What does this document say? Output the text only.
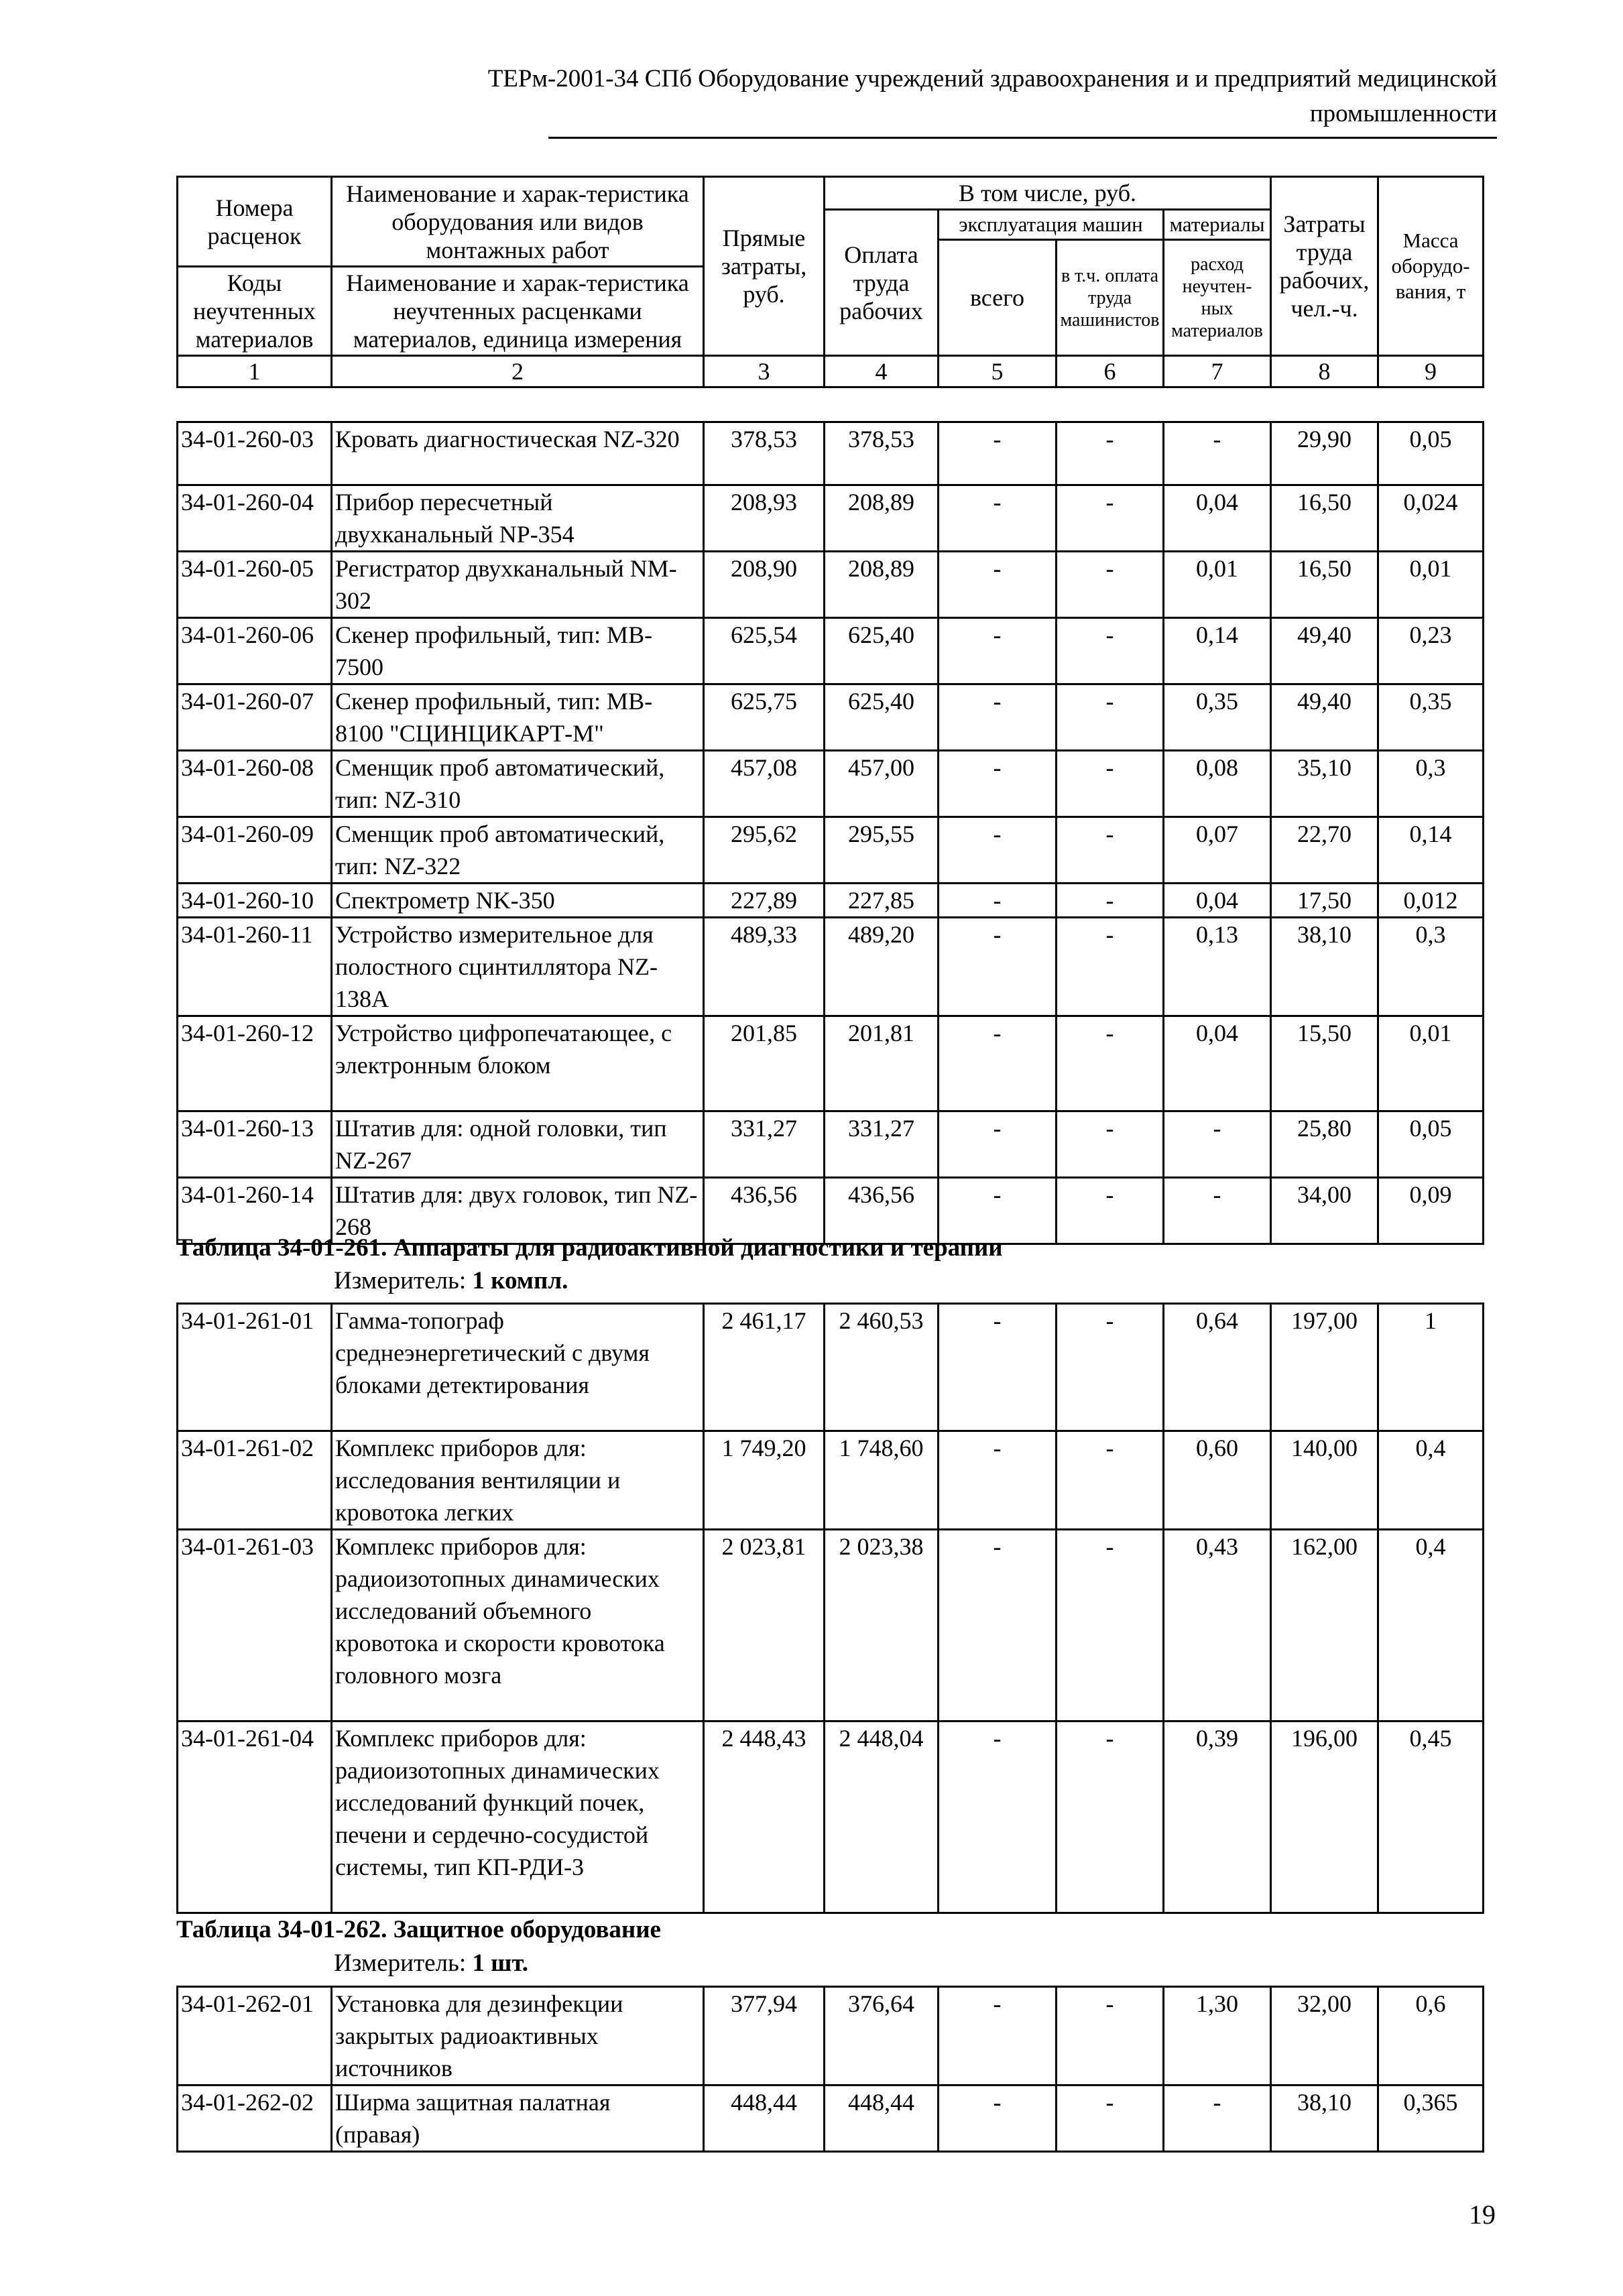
ТЕРм-2001-34 СПб Оборудование учреждений здравоохранения и и предприятий медицинской промышленности
Номера расценок	Наименование и харак-теристика оборудования или видов монтажных работ	Прямые затраты, руб.	В том числе, руб.				Затраты труда рабочих, чел.-ч.	Масса оборудо-вания, т
			Оплата труда рабочих	эксплуатация машин		материалы		
				всего	в т.ч. оплата труда машинистов	расход неучтен-ных материалов		
Коды неучтенных материалов	Наименование и харак-теристика неучтенных расценками материалов, единица измерения							

1	2	3	4	5	6	7	8	9
34-01-260-03	Кровать диагностическая NZ-320	378,53	378,53	-	-	-	29,90	0,05
34-01-260-04	Прибор пересчетный двухканальный NP-354	208,93	208,89	-	-	0,04	16,50	0,024
34-01-260-05	Регистратор двухканальный NM-302	208,90	208,89	-	-	0,01	16,50	0,01
34-01-260-06	Скенер профильный, тип: MB-7500	625,54	625,40	-	-	0,14	49,40	0,23
34-01-260-07	Скенер профильный, тип: MB-8100 "СЦИНЦИКАРТ-М"	625,75	625,40	-	-	0,35	49,40	0,35
34-01-260-08	Сменщик проб автоматический, тип: NZ-310	457,08	457,00	-	-	0,08	35,10	0,3
34-01-260-09	Сменщик проб автоматический, тип: NZ-322	295,62	295,55	-	-	0,07	22,70	0,14
34-01-260-10	Спектрометр NK-350	227,89	227,85	-	-	0,04	17,50	0,012
34-01-260-11	Устройство измерительное для полостного сцинтиллятора NZ-138A	489,33	489,20	-	-	0,13	38,10	0,3
34-01-260-12	Устройство цифропечатающее, с электронным блоком	201,85	201,81	-	-	0,04	15,50	0,01
34-01-260-13	Штатив для: одной головки, тип NZ-267	331,27	331,27	-	-	-	25,80	0,05
34-01-260-14	Штатив для: двух головок, тип NZ-268	436,56	436,56	-	-	-	34,00	0,09
Таблица 34-01-261. Аппараты для радиоактивной диагностики и терапии
Измеритель: 1 компл.
34-01-261-01	Гамма-топограф среднеэнергетический с двумя блоками детектирования	2 461,17	2 460,53	-	-	0,64	197,00	1
34-01-261-02	Комплекс приборов для: исследования вентиляции и кровотока легких	1 749,20	1 748,60	-	-	0,60	140,00	0,4
34-01-261-03	Комплекс приборов для: радиоизотопных динамических исследований объемного кровотока и скорости кровотока головного мозга	2 023,81	2 023,38	-	-	0,43	162,00	0,4
34-01-261-04	Комплекс приборов для: радиоизотопных динамических исследований функций почек, печени и сердечно-сосудистой системы, тип КП-РДИ-3	2 448,43	2 448,04	-	-	0,39	196,00	0,45
Таблица 34-01-262. Защитное оборудование
Измеритель: 1 шт.
34-01-262-01	Установка для дезинфекции закрытых радиоактивных источников	377,94	376,64	-	-	1,30	32,00	0,6
34-01-262-02	Ширма защитная палатная (правая)	448,44	448,44	-	-	-	38,10	0,365
19
